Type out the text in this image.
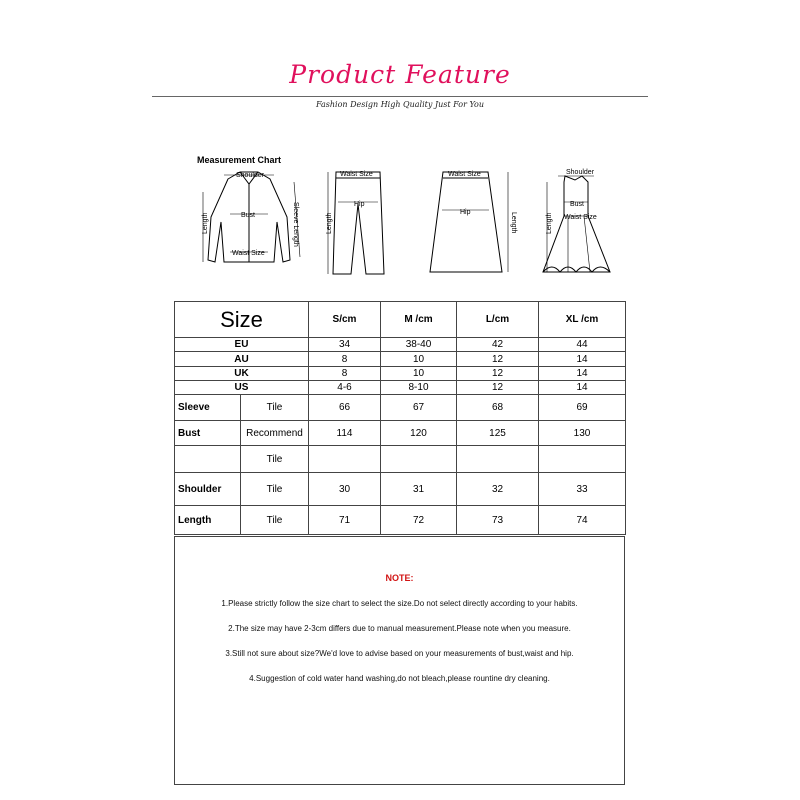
Product Feature
Fashion Design High Quality Just For You
Measurement Chart
Shoulder
Bust
Waist Size
Length	Sleeve Length
Waist Size
Hip
Length
Waist Size
Hip	Length
Shoulder
Bust
Waist Size
Length
Size		S/cm	M /cm	L/cm	XL /cm
EU		34	38-40	42	44
AU		8	10	12	14
UK		8	10	12	14
US		4-6	8-10	12	14
Sleeve	Tile	66	67	68	69
Bust	Recommend	114	120	125	130
	Tile				
Shoulder	Tile	30	31	32	33
Length	Tile	71	72	73	74
NOTE:
1.Please strictly follow the size chart to select the size.Do not select directly according to your habits.
2.The size may have 2-3cm differs due to manual measurement.Please note when you measure.
3.Still not sure about size?We'd love to advise based on your measurements of bust,waist and hip.
4.Suggestion of cold water hand washing,do not bleach,please rountine dry cleaning.
